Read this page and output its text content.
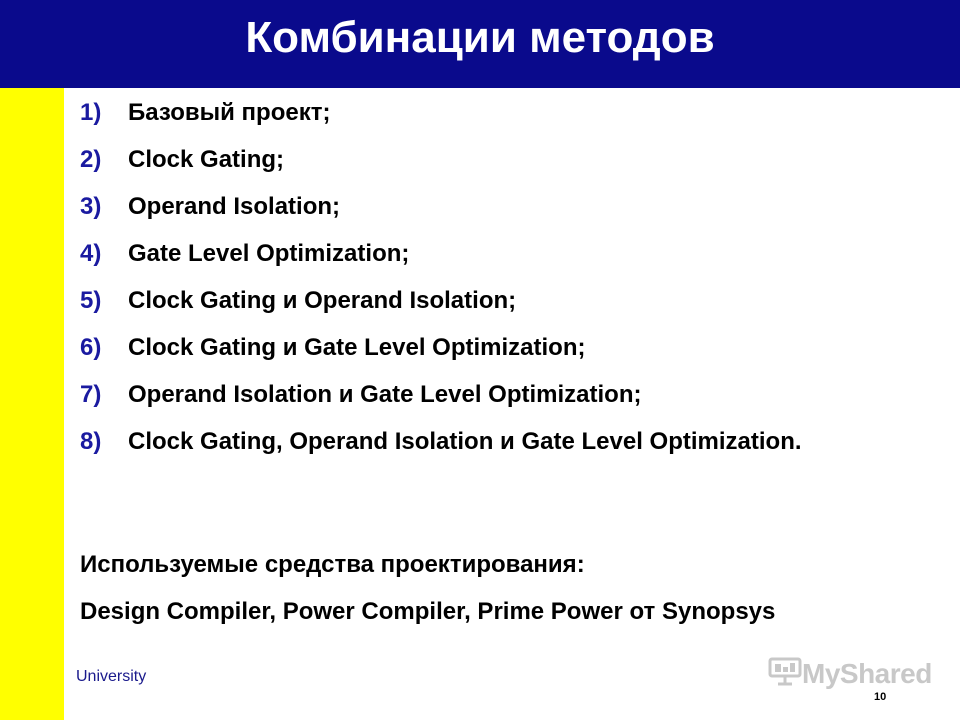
Комбинации методов
1)	Базовый проект;
2)	Clock Gating;
3)	Operand Isolation;
4)	Gate Level Optimization;
5)	Clock Gating и Operand Isolation;
6)	Clock Gating и Gate Level Optimization;
7)	Operand Isolation и Gate Level Optimization;
8)	Clock Gating, Operand Isolation и Gate Level Optimization.
Используемые средства проектирования:
Design Compiler, Power Compiler, Prime Power от Synopsys
University	MyShared
10
